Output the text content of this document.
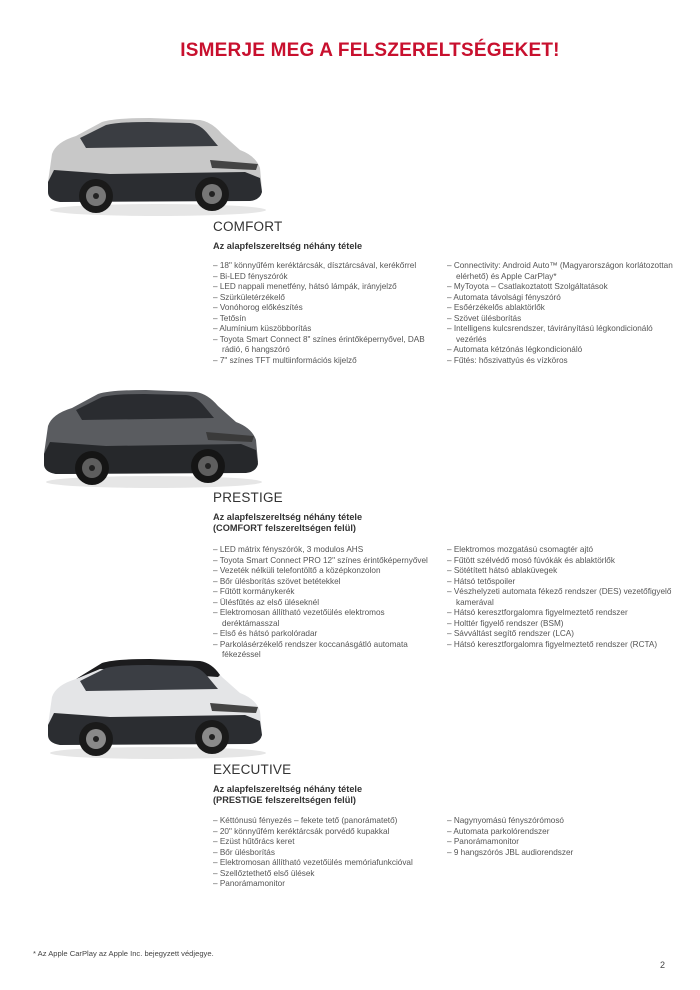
ISMERJE MEG A FELSZERELTSÉGEKET!
COMFORT
Az alapfelszereltség néhány tétele
– 18" könnyűfém keréktárcsák, dísztárcsával, kerékőrrel
– Bi-LED fényszórók
– LED nappali menetfény, hátsó lámpák, irányjelző
– Szürkületérzékelő
– Vonóhorog előkészítés
– Tetősín
– Alumínium küszöbborítás
– Toyota Smart Connect 8" színes érintőképernyővel, DAB rádió, 6 hangszóró
– 7" színes TFT multiinformációs kijelző
– Connectivity: Android Auto™ (Magyarországon korlátozottan elérhető) és Apple CarPlay*
– MyToyota – Csatlakoztatott Szolgáltatások
– Automata távolsági fényszóró
– Esőérzékelős ablaktörlők
– Szövet ülésborítás
– Intelligens kulcsrendszer, távirányítású légkondicionáló vezérlés
– Automata kétzónás légkondicionáló
– Fűtés: hőszivattyús és vízköros
PRESTIGE
Az alapfelszereltség néhány tétele
(COMFORT felszereltségen felül)
– LED mátrix fényszórók, 3 modulos AHS
– Toyota Smart Connect PRO 12" színes érintőképernyővel
– Vezeték nélküli telefontöltő a középkonzolon
– Bőr ülésborítás szövet betétekkel
– Fűtött kormánykerék
– Ülésfűtés az első üléseknél
– Elektromosan állítható vezetőülés elektromos deréktámasszal
– Első és hátsó parkolóradar
– Parkolásérzékelő rendszer koccanásgátló automata fékezéssel
– Elektromos mozgatású csomagtér ajtó
– Fűtött szélvédő mosó fúvókák és ablaktörlők
– Sötétített hátsó ablaküvegek
– Hátsó tetőspoiler
– Vészhelyzeti automata fékező rendszer (DES) vezetőfigyelő kamerával
– Hátsó keresztforgalomra figyelmeztető rendszer
– Holttér figyelő rendszer (BSM)
– Sávváltást segítő rendszer (LCA)
– Hátsó keresztforgalomra figyelmeztető rendszer (RCTA)
EXECUTIVE
Az alapfelszereltség néhány tétele
(PRESTIGE felszereltségen felül)
– Kéttónusú fényezés – fekete tető (panorámatető)
– 20" könnyűfém keréktárcsák porvédő kupakkal
– Ezüst hűtőrács keret
– Bőr ülésborítás
– Elektromosan állítható vezetőülés memóriafunkcióval
– Szellőztethető első ülések
– Panorámamonitor
– Nagynyomású fényszórómosó
– Automata parkolórendszer
– Panorámamonitor
– 9 hangszórós JBL audiorendszer
* Az Apple CarPlay az Apple Inc. bejegyzett védjegye.
2
